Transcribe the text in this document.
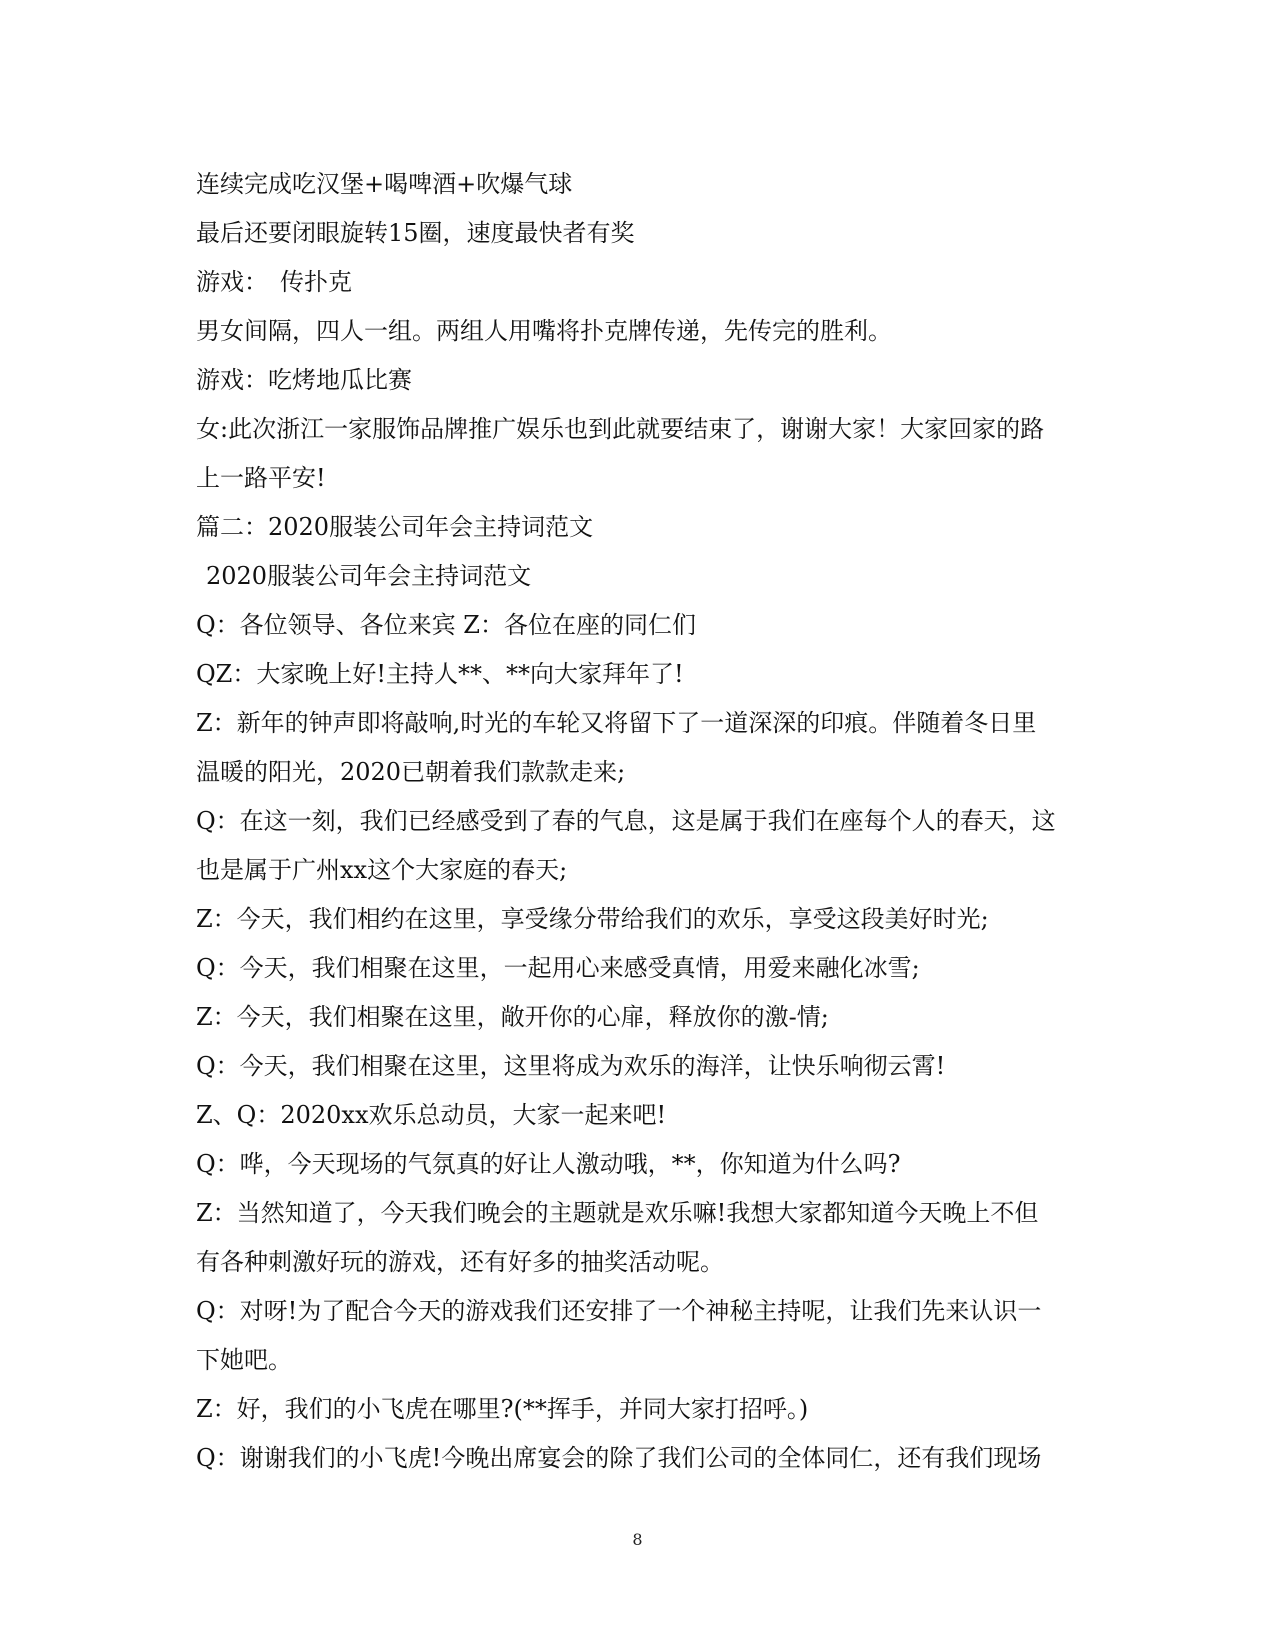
连续完成吃汉堡+喝啤酒+吹爆气球
最后还要闭眼旋转15圈，速度最快者有奖
游戏：　传扑克
男女间隔，四人一组。两组人用嘴将扑克牌传递，先传完的胜利。
游戏：吃烤地瓜比赛
女:此次浙江一家服饰品牌推广娱乐也到此就要结束了，谢谢大家！大家回家的路
上一路平安!
篇二：2020服装公司年会主持词范文
2020服装公司年会主持词范文
Q：各位领导、各位来宾 Z：各位在座的同仁们
QZ：大家晚上好!主持人**、**向大家拜年了!
Z：新年的钟声即将敲响,时光的车轮又将留下了一道深深的印痕。伴随着冬日里
温暖的阳光，2020已朝着我们款款走来;
Q：在这一刻，我们已经感受到了春的气息，这是属于我们在座每个人的春天，这
也是属于广州xx这个大家庭的春天;
Z：今天，我们相约在这里，享受缘分带给我们的欢乐，享受这段美好时光;
Q：今天，我们相聚在这里，一起用心来感受真情，用爱来融化冰雪;
Z：今天，我们相聚在这里，敞开你的心扉，释放你的激-情;
Q：今天，我们相聚在这里，这里将成为欢乐的海洋，让快乐响彻云霄!
Z、Q：2020xx欢乐总动员，大家一起来吧!
Q：哗，今天现场的气氛真的好让人激动哦，**，你知道为什么吗?
Z：当然知道了，今天我们晚会的主题就是欢乐嘛!我想大家都知道今天晚上不但
有各种刺激好玩的游戏，还有好多的抽奖活动呢。
Q：对呀!为了配合今天的游戏我们还安排了一个神秘主持呢，让我们先来认识一
下她吧。
Z：好，我们的小飞虎在哪里?(**挥手，并同大家打招呼。)
Q：谢谢我们的小飞虎!今晚出席宴会的除了我们公司的全体同仁，还有我们现场
8
